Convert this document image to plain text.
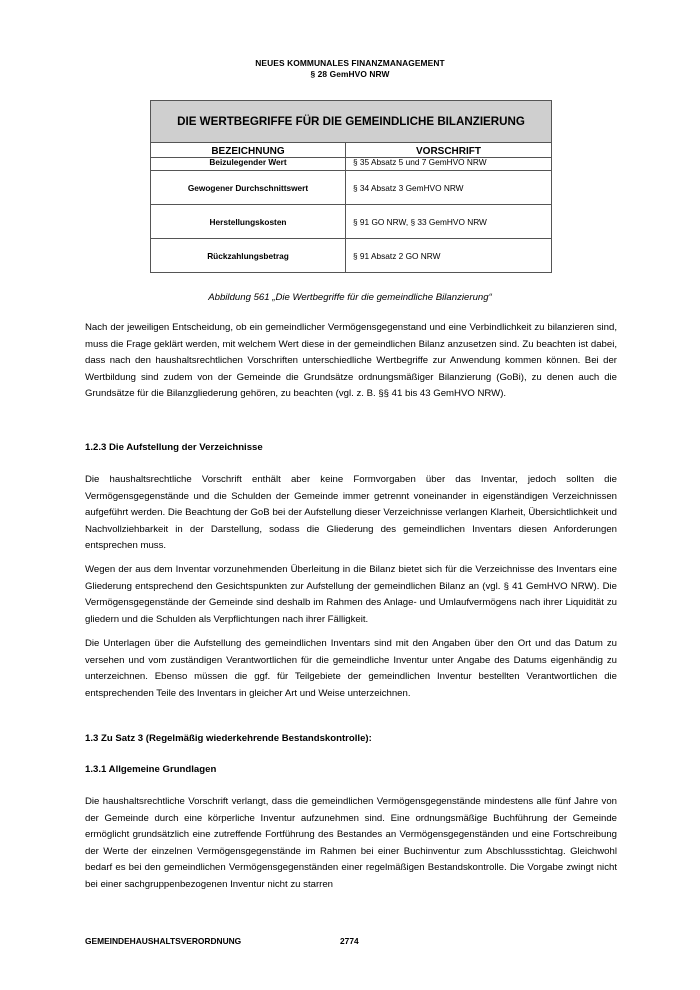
NEUES KOMMUNALES FINANZMANAGEMENT
§ 28 GemHVO NRW
DIE WERTBEGRIFFE FÜR DIE GEMEINDLICHE BILANZIERUNG	
BEZEICHNUNG	VORSCHRIFT
Beizulegender Wert	§ 35 Absatz 5 und 7 GemHVO NRW
Gewogener Durchschnittswert	§ 34 Absatz 3 GemHVO NRW
Herstellungskosten	§ 91 GO NRW, § 33 GemHVO NRW
Rückzahlungsbetrag	§ 91 Absatz 2 GO NRW
Abbildung 561 „Die Wertbegriffe für die gemeindliche Bilanzierung“
Nach der jeweiligen Entscheidung, ob ein gemeindlicher Vermögensgegenstand und eine Verbindlichkeit zu bilanzieren sind, muss die Frage geklärt werden, mit welchem Wert diese in der gemeindlichen Bilanz anzusetzen sind. Zu beachten ist dabei, dass nach den haushaltsrechtlichen Vorschriften unterschiedliche Wertbegriffe zur Anwendung kommen können. Bei der Wertbildung sind zudem von der Gemeinde die Grundsätze ordnungsmäßiger Bilanzierung (GoBi), zu denen auch die Grundsätze für die Bilanzgliederung gehören, zu beachten (vgl. z. B. §§ 41 bis 43 GemHVO NRW).
1.2.3 Die Aufstellung der Verzeichnisse
Die haushaltsrechtliche Vorschrift enthält aber keine Formvorgaben über das Inventar, jedoch sollten die Vermögensgegenstände und die Schulden der Gemeinde immer getrennt voneinander in eigenständigen Verzeichnissen aufgeführt werden. Die Beachtung der GoB bei der Aufstellung dieser Verzeichnisse verlangen Klarheit, Übersichtlichkeit und Nachvollziehbarkeit in der Darstellung, sodass die Gliederung des gemeindlichen Inventars diesen Anforderungen entsprechen muss.
Wegen der aus dem Inventar vorzunehmenden Überleitung in die Bilanz bietet sich für die Verzeichnisse des Inventars eine Gliederung entsprechend den Gesichtspunkten zur Aufstellung der gemeindlichen Bilanz an (vgl. § 41 GemHVO NRW). Die Vermögensgegenstände der Gemeinde sind deshalb im Rahmen des Anlage- und Umlaufvermögens nach ihrer Liquidität zu gliedern und die Schulden als Verpflichtungen nach ihrer Fälligkeit.
Die Unterlagen über die Aufstellung des gemeindlichen Inventars sind mit den Angaben über den Ort und das Datum zu versehen und vom zuständigen Verantwortlichen für die gemeindliche Inventur unter Angabe des Datums eigenhändig zu unterzeichnen. Ebenso müssen die ggf. für Teilgebiete der gemeindlichen Inventur bestellten Verantwortlichen die entsprechenden Teile des Inventars in gleicher Art und Weise unterzeichnen.
1.3 Zu Satz 3 (Regelmäßig wiederkehrende Bestandskontrolle):
1.3.1 Allgemeine Grundlagen
Die haushaltsrechtliche Vorschrift verlangt, dass die gemeindlichen Vermögensgegenstände mindestens alle fünf Jahre von der Gemeinde durch eine körperliche Inventur aufzunehmen sind. Eine ordnungsmäßige Buchführung der Gemeinde ermöglicht grundsätzlich eine zutreffende Fortführung des Bestandes an Vermögensgegenständen und eine Fortschreibung der Werte der einzelnen Vermögensgegenstände im Rahmen bei einer Buchinventur zum Abschlussstichtag. Gleichwohl bedarf es bei den gemeindlichen Vermögensgegenständen einer regelmäßigen Bestandskontrolle. Die Vorgabe zwingt nicht bei einer sachgruppenbezogenen Inventur nicht zu starren
GEMEINDEHAUSHALTSVERORDNUNG	2774
